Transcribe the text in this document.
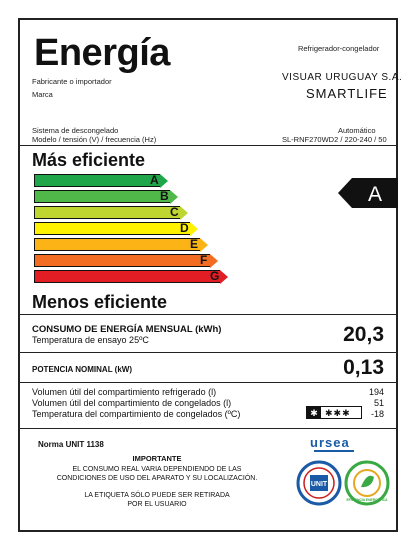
Energía	Refrigerador-congelador
Fabricante o importador	VISUAR URUGUAY S.A.
Marca	SMARTLIFE
Sistema de descongelado	Automático
Modelo / tensión (V) / frecuencia (Hz)	SL-RNF270WD2 / 220-240 / 50
Más eficiente
A
B
C
D
E
F
G
A
Menos eficiente
CONSUMO DE ENERGÍA MENSUAL (kWh)
Temperatura de ensayo 25ºC	20,3
POTENCIA NOMINAL (kW)	0,13
Volumen útil del compartimiento refrigerado (l)	194
Volumen útil del compartimiento de congelados (l)	51
Temperatura del compartimiento de congelados (ºC)	✱ ✱✱✱ -18
Norma UNIT 1138
IMPORTANTE
EL CONSUMO REAL VARIA DEPENDIENDO DE LAS
CONDICIONES DE USO DEL APARATO Y SU LOCALIZACIÓN.
LA ETIQUETA SÓLO PUEDE SER RETIRADA
POR EL USUARIO
ursea
UNIT
EFICIENCIA ENERGÉTICA
